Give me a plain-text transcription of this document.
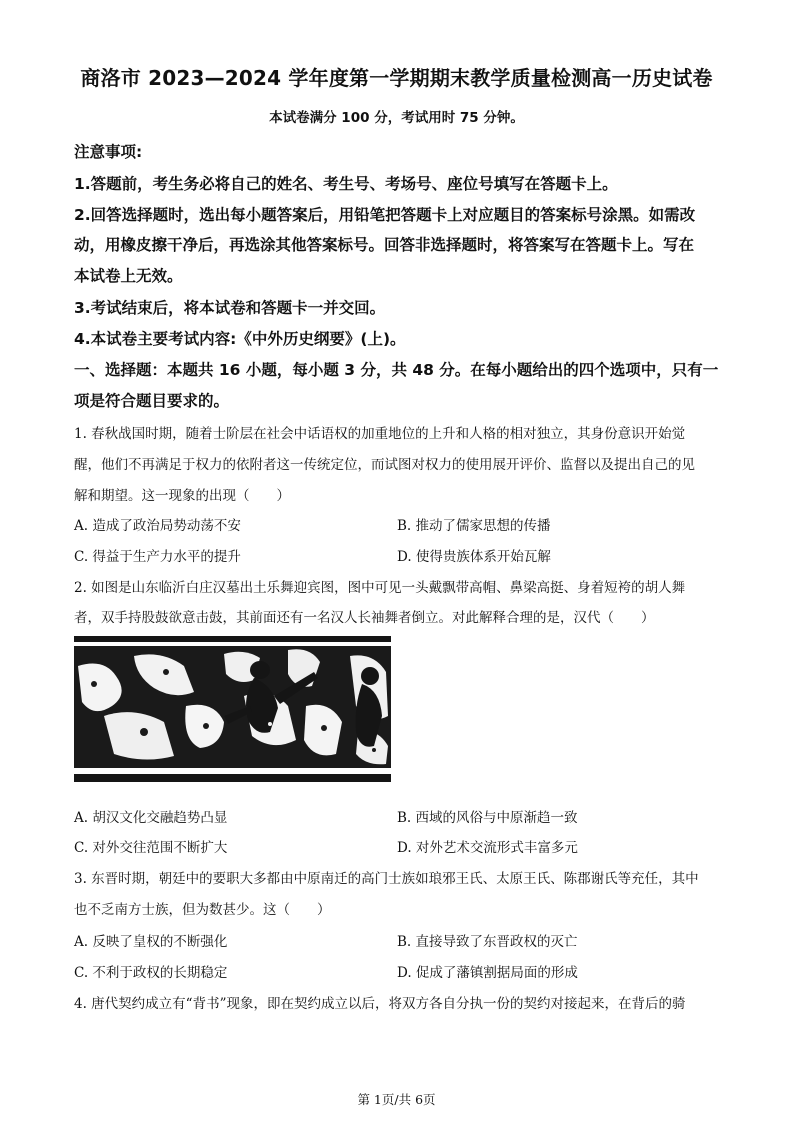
商洛市 2023—2024 学年度第一学期期末教学质量检测高一历史试卷
本试卷满分 100 分，考试用时 75 分钟。
注意事项:
1.答题前，考生务必将自己的姓名、考生号、考场号、座位号填写在答题卡上。
2.回答选择题时，选出每小题答案后，用铅笔把答题卡上对应题目的答案标号涂黑。如需改
动，用橡皮擦干净后，再选涂其他答案标号。回答非选择题时，将答案写在答题卡上。写在
本试卷上无效。
3.考试结束后，将本试卷和答题卡一并交回。
4.本试卷主要考试内容:《中外历史纲要》(上)。
一、选择题：本题共 16 小题，每小题 3 分，共 48 分。在每小题给出的四个选项中，只有一
项是符合题目要求的。
1. 春秋战国时期，随着士阶层在社会中话语权的加重地位的上升和人格的相对独立，其身份意识开始觉
醒，他们不再满足于权力的依附者这一传统定位，而试图对权力的使用展开评价、监督以及提出自己的见
解和期望。这一现象的出现（　　）
A. 造成了政治局势动荡不安	B. 推动了儒家思想的传播
C. 得益于生产力水平的提升	D. 使得贵族体系开始瓦解
2. 如图是山东临沂白庄汉墓出土乐舞迎宾图，图中可见一头戴飘带高帽、鼻梁高挺、身着短袴的胡人舞
者，双手持股鼓欲意击鼓，其前面还有一名汉人长袖舞者倒立。对此解释合理的是，汉代（　　）
A. 胡汉文化交融趋势凸显	B. 西域的风俗与中原渐趋一致
C. 对外交往范围不断扩大	D. 对外艺术交流形式丰富多元
3. 东晋时期，朝廷中的要职大多都由中原南迁的高门士族如琅邪王氏、太原王氏、陈郡谢氏等充任，其中
也不乏南方士族，但为数甚少。这（　　）
A. 反映了皇权的不断强化	B. 直接导致了东晋政权的灭亡
C. 不利于政权的长期稳定	D. 促成了藩镇割据局面的形成
4. 唐代契约成立有“背书”现象，即在契约成立以后，将双方各自分执一份的契约对接起来，在背后的骑
第 1页/共 6页
